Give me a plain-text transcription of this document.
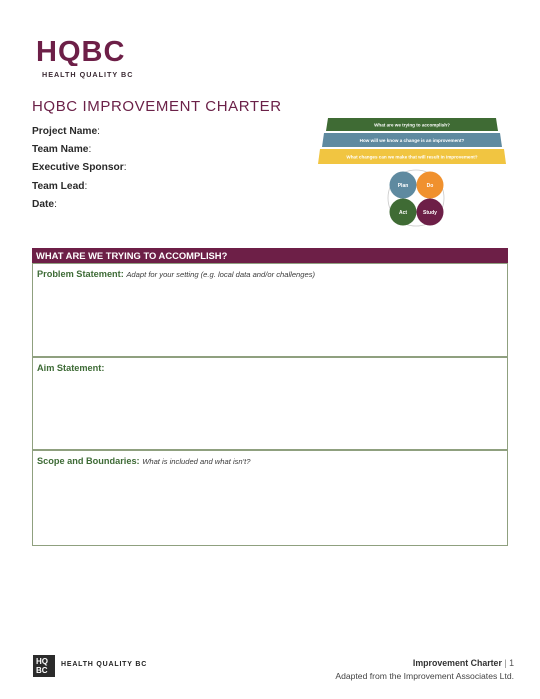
HQBC
HEALTH QUALITY BC
HQBC IMPROVEMENT CHARTER
Project Name:
Team Name:
Executive Sponsor:
Team Lead:
Date:
What are we trying to accomplish?
How will we know a change is an improvement?
What changes can we make that will result in improvement?
Plan	Do
Act	Study
WHAT ARE WE TRYING TO ACCOMPLISH?
Problem Statement: Adapt for your setting (e.g. local data and/or challenges)
Aim Statement:
Scope and Boundaries: What is included and what isn't?
HQ
BC
HEALTH QUALITY BC	Improvement Charter | 1
Adapted from the Improvement Associates Ltd.
